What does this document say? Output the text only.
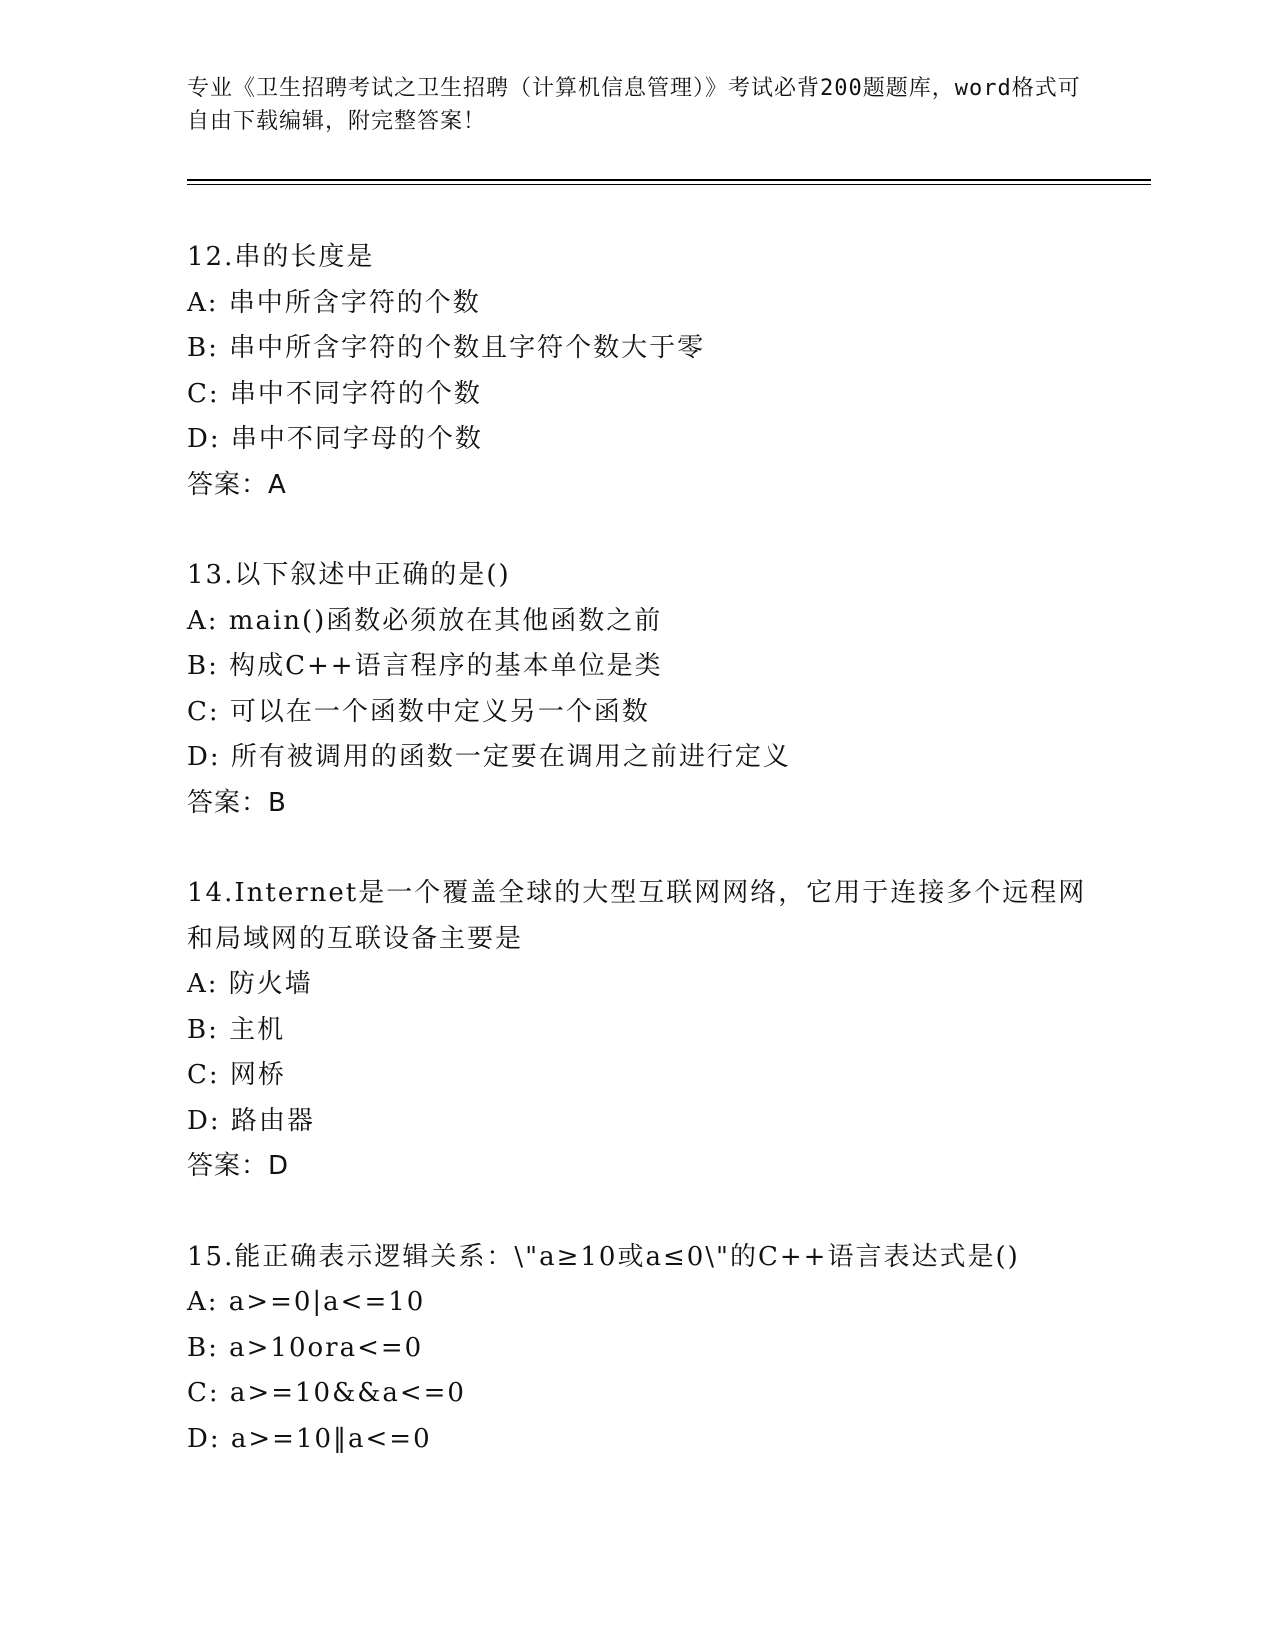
专业《卫生招聘考试之卫生招聘（计算机信息管理）》考试必背200题题库，word格式可自由下载编辑，附完整答案！
12.串的长度是
A: 串中所含字符的个数
B: 串中所含字符的个数且字符个数大于零
C: 串中不同字符的个数
D: 串中不同字母的个数
答案：A
13.以下叙述中正确的是()
A: main()函数必须放在其他函数之前
B: 构成C++语言程序的基本单位是类
C: 可以在一个函数中定义另一个函数
D: 所有被调用的函数一定要在调用之前进行定义
答案：B
14.Internet是一个覆盖全球的大型互联网网络，它用于连接多个远程网和局域网的互联设备主要是
A: 防火墙
B: 主机
C: 网桥
D: 路由器
答案：D
15.能正确表示逻辑关系：\"a≥10或a≤0\"的C++语言表达式是()
A: a>=0|a<=10
B: a>10ora<=0
C: a>=10&&a<=0
D: a>=10‖a<=0
